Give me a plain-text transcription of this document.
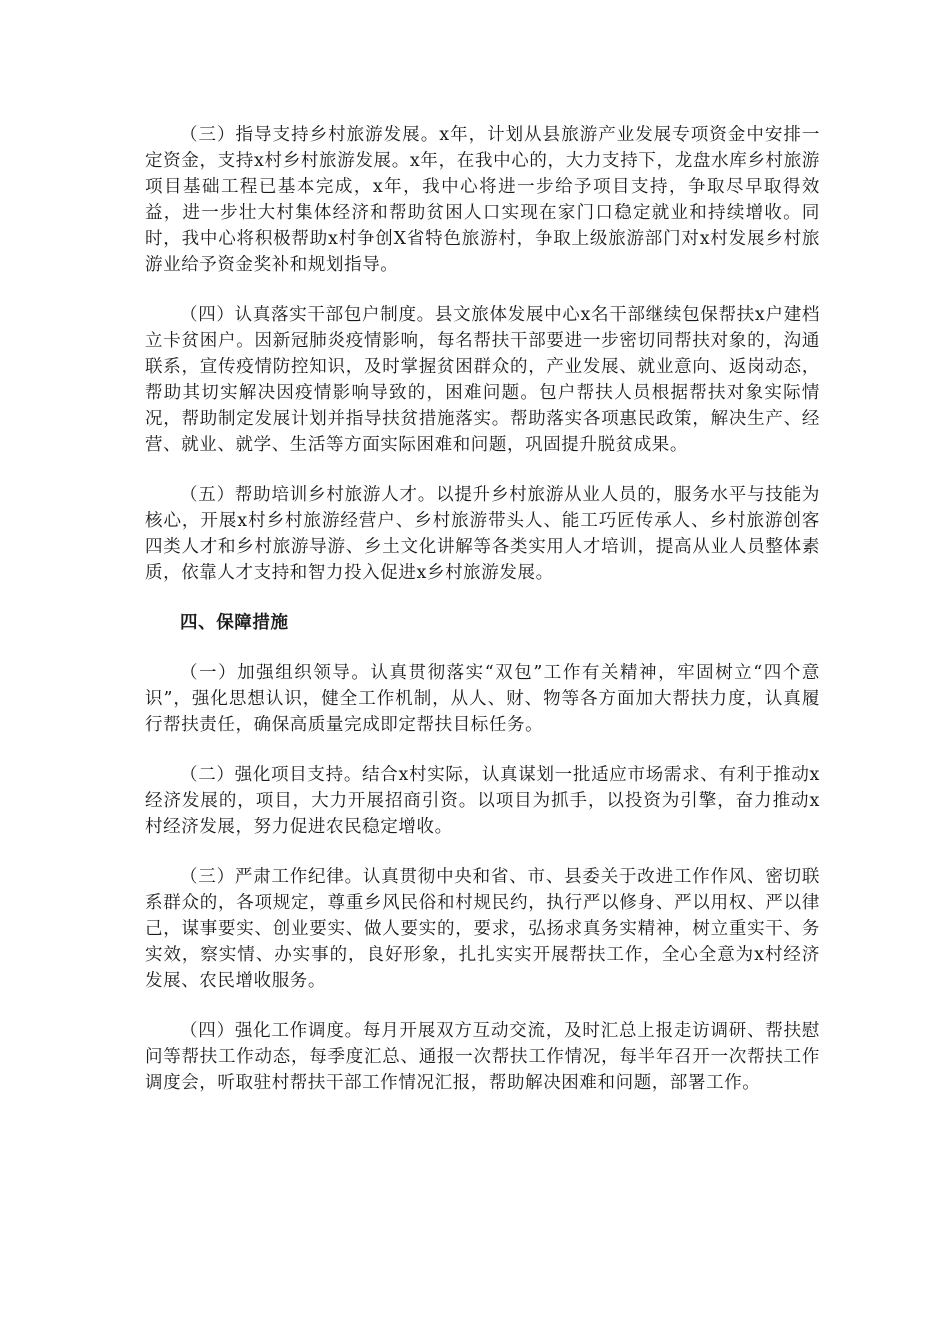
（三）指导支持乡村旅游发展。x年，计划从县旅游产业发展专项资金中安排一定资金，支持x村乡村旅游发展。x年，在我中心的，大力支持下，龙盘水库乡村旅游项目基础工程已基本完成，x年，我中心将进一步给予项目支持，争取尽早取得效益，进一步壮大村集体经济和帮助贫困人口实现在家门口稳定就业和持续增收。同时，我中心将积极帮助x村争创X省特色旅游村，争取上级旅游部门对x村发展乡村旅游业给予资金奖补和规划指导。

（四）认真落实干部包户制度。县文旅体发展中心x名干部继续包保帮扶x户建档立卡贫困户。因新冠肺炎疫情影响，每名帮扶干部要进一步密切同帮扶对象的，沟通联系，宣传疫情防控知识，及时掌握贫困群众的，产业发展、就业意向、返岗动态，帮助其切实解决因疫情影响导致的，困难问题。包户帮扶人员根据帮扶对象实际情况，帮助制定发展计划并指导扶贫措施落实。帮助落实各项惠民政策，解决生产、经营、就业、就学、生活等方面实际困难和问题，巩固提升脱贫成果。

（五）帮助培训乡村旅游人才。以提升乡村旅游从业人员的，服务水平与技能为核心，开展x村乡村旅游经营户、乡村旅游带头人、能工巧匠传承人、乡村旅游创客四类人才和乡村旅游导游、乡土文化讲解等各类实用人才培训，提高从业人员整体素质，依靠人才支持和智力投入促进x乡村旅游发展。

四、保障措施

（一）加强组织领导。认真贯彻落实“双包”工作有关精神，牢固树立“四个意识”，强化思想认识，健全工作机制，从人、财、物等各方面加大帮扶力度，认真履行帮扶责任，确保高质量完成即定帮扶目标任务。

（二）强化项目支持。结合x村实际，认真谋划一批适应市场需求、有利于推动x经济发展的，项目，大力开展招商引资。以项目为抓手，以投资为引擎，奋力推动x村经济发展，努力促进农民稳定增收。

（三）严肃工作纪律。认真贯彻中央和省、市、县委关于改进工作作风、密切联系群众的，各项规定，尊重乡风民俗和村规民约，执行严以修身、严以用权、严以律己，谋事要实、创业要实、做人要实的，要求，弘扬求真务实精神，树立重实干、务实效，察实情、办实事的，良好形象，扎扎实实开展帮扶工作，全心全意为x村经济发展、农民增收服务。

（四）强化工作调度。每月开展双方互动交流，及时汇总上报走访调研、帮扶慰问等帮扶工作动态，每季度汇总、通报一次帮扶工作情况，每半年召开一次帮扶工作调度会，听取驻村帮扶干部工作情况汇报，帮助解决困难和问题，部署工作。
